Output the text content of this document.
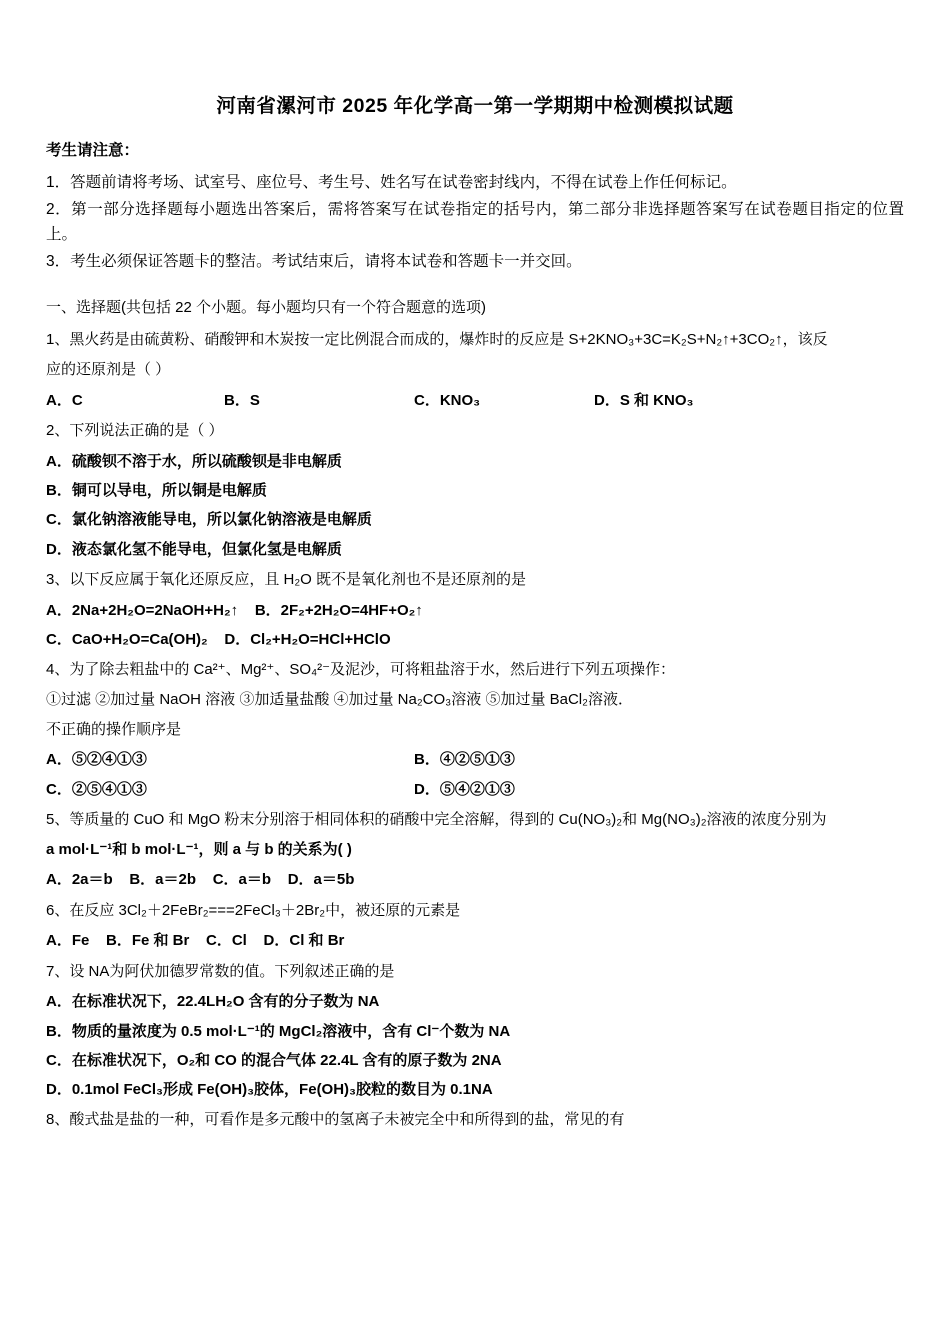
河南省漯河市 2025 年化学高一第一学期期中检测模拟试题
考生请注意：
1．答题前请将考场、试室号、座位号、考生号、姓名写在试卷密封线内，不得在试卷上作任何标记。
2．第一部分选择题每小题选出答案后，需将答案写在试卷指定的括号内，第二部分非选择题答案写在试卷题目指定的位置上。
3．考生必须保证答题卡的整洁。考试结束后，请将本试卷和答题卡一并交回。
一、选择题(共包括 22 个小题。每小题均只有一个符合题意的选项)
1、黑火药是由硫黄粉、硝酸钾和木炭按一定比例混合而成的，爆炸时的反应是 S+2KNO₃+3C=K₂S+N₂↑+3CO₂↑，该反
应的还原剂是（ ）
A．C	B．S	C．KNO₃	D．S 和 KNO₃
2、下列说法正确的是（ ）
A．硫酸钡不溶于水，所以硫酸钡是非电解质
B．铜可以导电，所以铜是电解质
C．氯化钠溶液能导电，所以氯化钠溶液是电解质
D．液态氯化氢不能导电，但氯化氢是电解质
3、以下反应属于氧化还原反应，且 H₂O 既不是氧化剂也不是还原剂的是
A．2Na+2H₂O=2NaOH+H₂↑    B．2F₂+2H₂O=4HF+O₂↑
C．CaO+H₂O=Ca(OH)₂    D．Cl₂+H₂O=HCl+HClO
4、为了除去粗盐中的 Ca²⁺、Mg²⁺、SO₄²⁻及泥沙，可将粗盐溶于水，然后进行下列五项操作：
①过滤 ②加过量 NaOH 溶液 ③加适量盐酸 ④加过量 Na₂CO₃溶液 ⑤加过量 BaCl₂溶液．
不正确的操作顺序是
A．⑤②④①③	B．④②⑤①③
C．②⑤④①③	D．⑤④②①③
5、等质量的 CuO 和 MgO 粉末分别溶于相同体积的硝酸中完全溶解，得到的 Cu(NO₃)₂和 Mg(NO₃)₂溶液的浓度分别为
a mol·L⁻¹和 b mol·L⁻¹，则 a 与 b 的关系为( )
A．2a＝b    B．a＝2b    C．a＝b    D．a＝5b
6、在反应 3Cl₂＋2FeBr₂===2FeCl₃＋2Br₂中，被还原的元素是
A．Fe    B．Fe 和 Br    C．Cl    D．Cl 和 Br
7、设 NA为阿伏加德罗常数的值。下列叙述正确的是
A．在标准状况下，22.4LH₂O 含有的分子数为 NA
B．物质的量浓度为 0.5 mol·L⁻¹的 MgCl₂溶液中，含有 Cl⁻个数为 NA
C．在标准状况下，O₂和 CO 的混合气体 22.4L 含有的原子数为 2NA
D．0.1mol FeCl₃形成 Fe(OH)₃胶体，Fe(OH)₃胶粒的数目为 0.1NA
8、酸式盐是盐的一种，可看作是多元酸中的氢离子未被完全中和所得到的盐，常见的有
